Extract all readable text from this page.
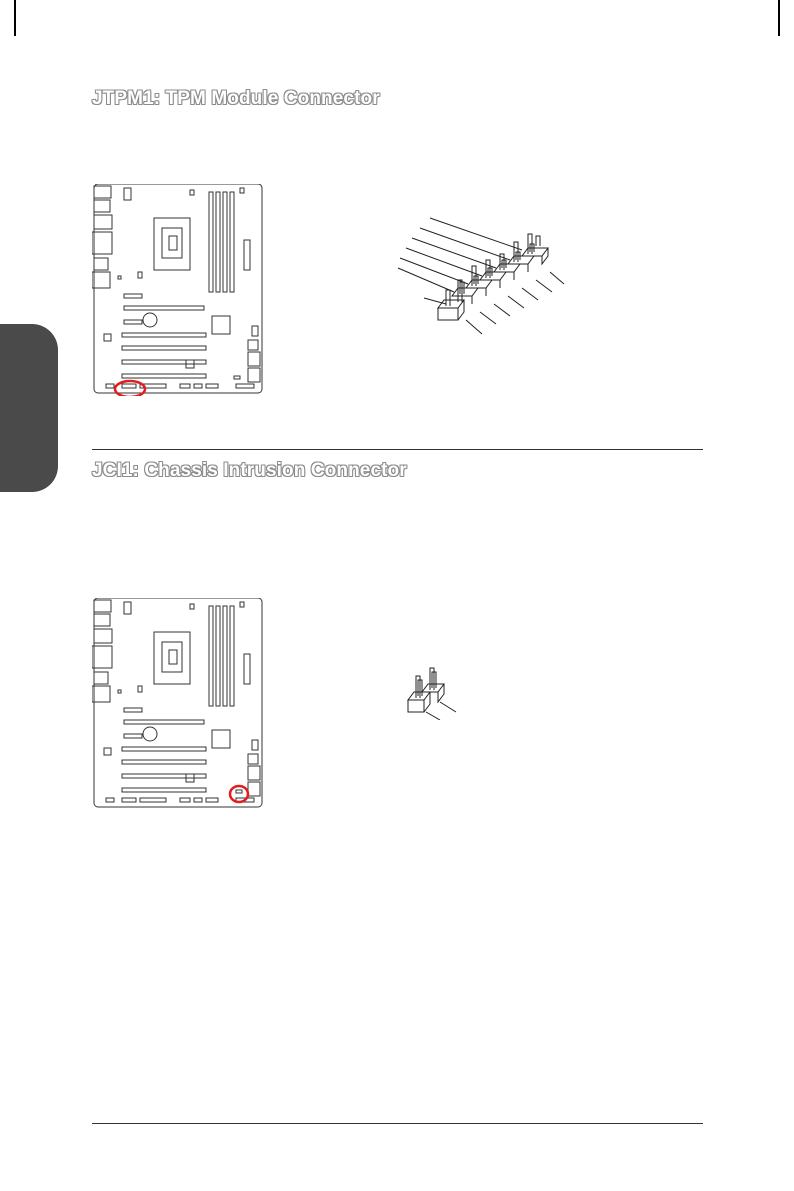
JTPM1: TPM Module Connector
JCI1: Chassis Intrusion Connector
